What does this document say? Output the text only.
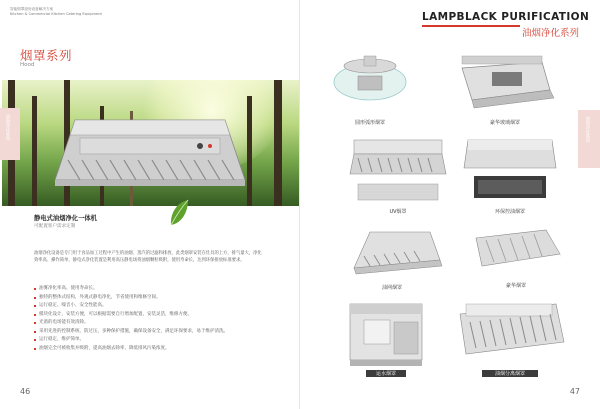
智能烟罩厨房设备解决方案
Kitchen & Commercial Kitchen Catering Equipment
烟罩系列
Hood
油烟净化系列
静电式油烟净化一体机
可配置客户需求定制
油烟净化设备是专门用于食品加工过程中产生的油烟、蒸汽的过滤和排放，此类烟罩安装在灶具的上方，排气量大，净化效率高、操作简单，静电式净化装置是利用高压静电场将油烟颗粒吸附，使用寿命长，达到环保排放标准要求。
油雾净化率高、使用寿命长。
独特的整体式结构，外观式静电净化，节省使用和维修空间。
运行稳定、噪音小、安全性能高。
模块化设计，安装方便，可以根据需要自行增加配置，安装灵活，维修方便。
光谱的电场能有效清除。
采用先进的控制系统，防过压，多种保护措施，确保设备安全，满足环保要求，易于维护清洗。
运行稳定，维护简单。
油烟完全可被收集并吸附，提高油烟去除率，降低排风污染浓度。
46
LAMPBLACK PURIFICATION
油烟净化系列
油烟净化系列
圆形弧形烟罩	豪华玻璃烟罩
UV烟罩	环保控油烟罩
油网烟罩	豪华烟罩
运水烟罩	油烟分离烟罩
47
